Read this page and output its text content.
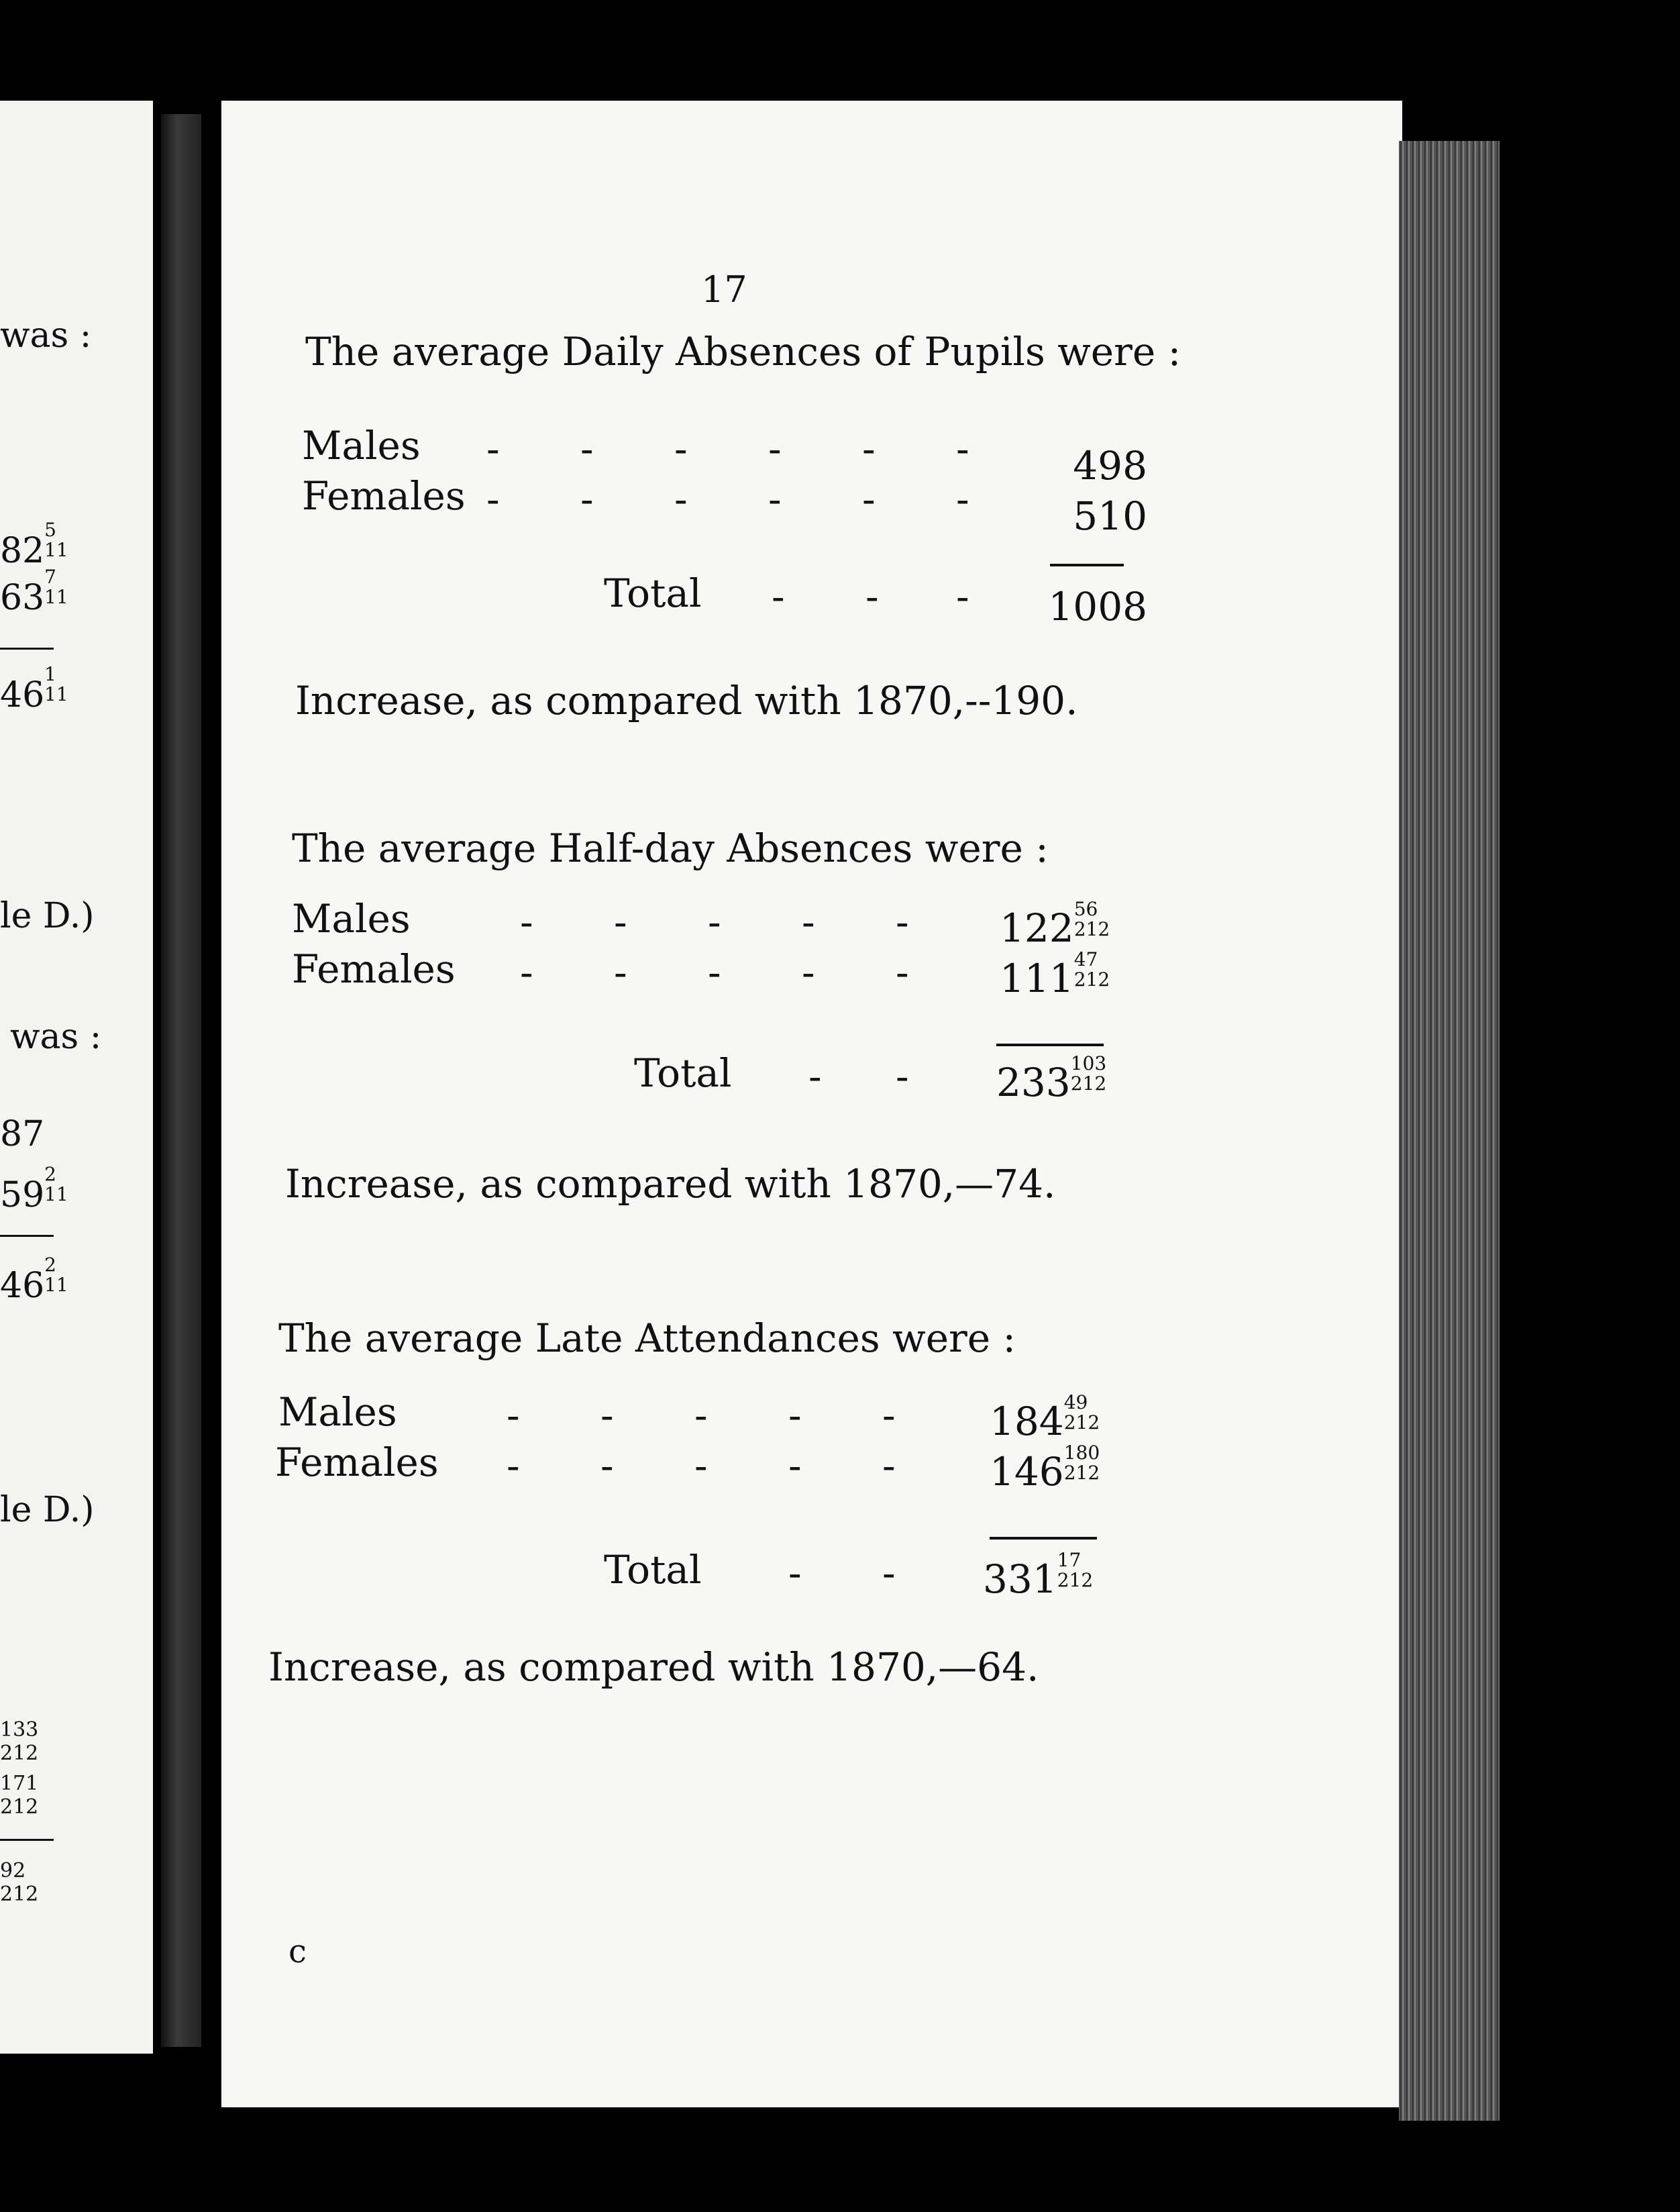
was :
82
5
11
63
7
11
46
1
11
le D.)
was :
87
59
2
11
46
2
11
le D.)
133
212
171
212
92
212
17
The average Daily Absences of Pupils were :
Males - - - - - -	498
Females - - - - - -	510
Total - - -	1008
Increase, as compared with 1870,--190.
The average Half-day Absences were :
Males	- - - - - 122 56
212
Females - - - - - 111 47
212
Total - - 233 103
212
Increase, as compared with 1870,—74.
The average Late Attendances were :
Males	- - - - - 184 49
212
Females - - - - - 146 180
212
Total - - 331 17
212
Increase, as compared with 1870,—64.
c
